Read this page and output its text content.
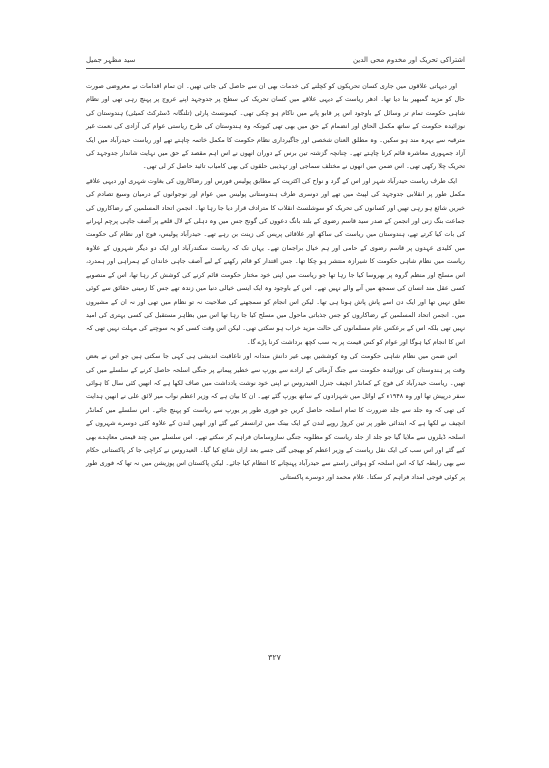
سید مظہر جمیل	اشتراکی تحریک اور مخدوم محی الدین

اور دیہاتی علاقوں میں جاری کسان تحریکوں کو کچلنے کی خدمات بھی ان سے حاصل کی جاتی تھیں۔ ان تمام اقدامات نے معروضی صورت حال کو مزید گمبھیر بنا دیا تھا۔ ادھر ریاست کے دیہی علاقے میں کسان تحریک کی سطح پر جدوجہد اپنے عروج پر پہنچ رہی تھی اور نظام شاہی حکومت تمام تر وسائل کے باوجود اس پر قابو پانے میں ناکام ہو چکی تھی۔ کیمونسٹ پارٹی (تلنگانہ ڈسٹرکٹ کمیٹی) ہندوستان کی نوزائیدہ حکومت کے ساتھ مکمل الحاق اور انضمام کے حق میں بھی تھی کیونکہ وہ ہندوستان کی طرح ریاستی عوام کی آزادی کی نعمت غیر مترقبہ سے بہرہ مند ہو سکیں۔ وہ مطلق العنان شخصی اور جاگیرداری نظام حکومت کا مکمل خاتمہ چاہتے تھے اور ریاست حیدرآباد میں ایک آزاد جمہوری معاشرہ قائم کرنا چاہتے تھے۔ چنانچہ گزشتہ تین برس کے دوران انھوں نے اس اہم مقصد کے حق میں نہایت شاندار جدوجہد کی تحریک چلا رکھی تھی۔ اس ضمن میں انھوں نے مختلف سماجی اور تہذیبی حلقوں کی بھی کامیاب تائید حاصل کر لی تھی۔

ایک طرف ریاست حیدرآباد شہر اور اس کے گرد و نواح کی اکثریت کے مطابق پولیس فورس اور رضاکاروں کی بغاوت شہری اور دیہی علاقے مکمل طور پر انقلابی جدوجہد کی لپیٹ میں تھے اور دوسری طرف ہندوستانی پولیس میں عوام اور نوجوانوں کے درمیان وسیع تصادم کی خبریں شائع ہو رہی تھیں اور کسانوں کی تحریک کو سوشلسٹ انقلاب کا مترادف قرار دیا جا رہا تھا۔ انجمن اتحاد المسلمین کے رضاکاروں کی جماعت بنگ زنی اور انجمن کے صدر سید قاسم رضوی کے بلند بانگ دعووں کی گونج جس میں وہ دہلی کے لال قلعے پر آصف جاہی پرچم لہرانے کی بات کیا کرتے تھے، ہندوستان میں ریاست کی ساکھ اور علاقائی پریس کی زینت بن رہے تھے۔ حیدرآباد پولیس، فوج اور نظام کی حکومت میں کلیدی عہدوں پر قاسم رضوی کے حامی اور ہم خیال براجمان تھے۔ یہاں تک کہ ریاست سکندرآباد اور ایک دو دیگر شہروں کے علاوہ ریاست میں نظام شاہی حکومت کا شیرازہ منتشر ہو چکا تھا۔ جس اقتدار کو قائم رکھنے کے لیے آصف جاہی خاندان کے ہمراہی اور ہمدرد، اس مسلح اور منظم گروہ پر بھروسا کیا جا رہا تھا جو ریاست میں اپنی خود مختار حکومت قائم کرنے کی کوشش کر رہا تھا، اس کے منصوبے کسی عقل مند انسان کی سمجھ میں آنے والے نہیں تھے۔ اس کے باوجود وہ ایک ایسی خیالی دنیا میں زندہ تھے جس کا زمینی حقائق سے کوئی تعلق نہیں تھا اور ایک دن اسے پاش پاش ہونا ہی تھا۔ لیکن اس انجام کو سمجھنے کی صلاحیت نہ تو نظام میں تھی اور نہ ان کے مشیروں میں۔ انجمن اتحاد المسلمین کے رضاکاروں کو جس جذباتی ماحول میں مسلح کیا جا رہا تھا اس میں بظاہر مستقبل کی کسی بہتری کی امید نہیں تھی بلکہ اس کے برعکس عام مسلمانوں کی حالت مزید خراب ہو سکتی تھی۔ لیکن اس وقت کسی کو یہ سوچنے کی مہلت نہیں تھی کہ اس کا انجام کیا ہوگا اور عوام کو کس قیمت پر یہ سب کچھ برداشت کرنا پڑے گا۔

اس ضمن میں نظام شاہی حکومت کی وہ کوششیں بھی غیر دانش مندانہ اور ناعاقبت اندیشی ہی کہی جا سکتی ہیں جو اس نے بعض وقت پر ہندوستان کی نوزائیدہ حکومت سے جنگ آزمائی کے ارادے سے یورپ سے خطیر پیمانے پر جنگی اسلحہ حاصل کرنے کے سلسلے میں کی تھیں۔ ریاست حیدرآباد کی فوج کے کمانڈر انچیف جنرل العیدروس نے اپنی خود نوشت یادداشت میں صاف لکھا ہے کہ انھیں کئی سال کا ہوائی سفر درپیش تھا اور وہ ۱۹۴۸ء کے اوائل میں شہزادوں کے ساتھ یورپ گئے تھے۔ ان کا بیان ہے کہ وزیر اعظم نواب میر لائق علی نے انھیں ہدایت کی تھی کہ وہ جلد سے جلد ضرورت کا تمام اسلحہ حاصل کریں جو فوری طور پر یورپ سے ریاست کو پہنچ جائے۔ اس سلسلے میں کمانڈر انچیف نے لکھا ہے کہ ابتدائی طور پر تین کروڑ روپے لندن کے ایک بینک میں ٹرانسفر کیے گئے اور انھیں لندن کے علاوہ کئی دوسرے شہروں کے اسلحہ ڈیلروں سے ملایا گیا جو جلد از جلد ریاست کو مطلوبہ جنگی سازوسامان فراہم کر سکتے تھے۔ اس سلسلے میں چند قیمتی معاہدے بھی کیے گئے اور اس سب کی ایک نقل ریاست کے وزیر اعظم کو بھیجی گئی جسے بعد ازاں شائع کیا گیا۔ العیدروس نے کراچی جا کر پاکستانی حکام سے بھی رابطہ کیا کہ اس اسلحہ کو ہوائی راستے سے حیدرآباد پہنچانے کا انتظام کیا جائے۔ لیکن پاکستان اس پوزیشن میں نہ تھا کہ فوری طور پر کوئی فوجی امداد فراہم کر سکتا۔ غلام محمد اور دوسرے پاکستانی

۳۲۷
